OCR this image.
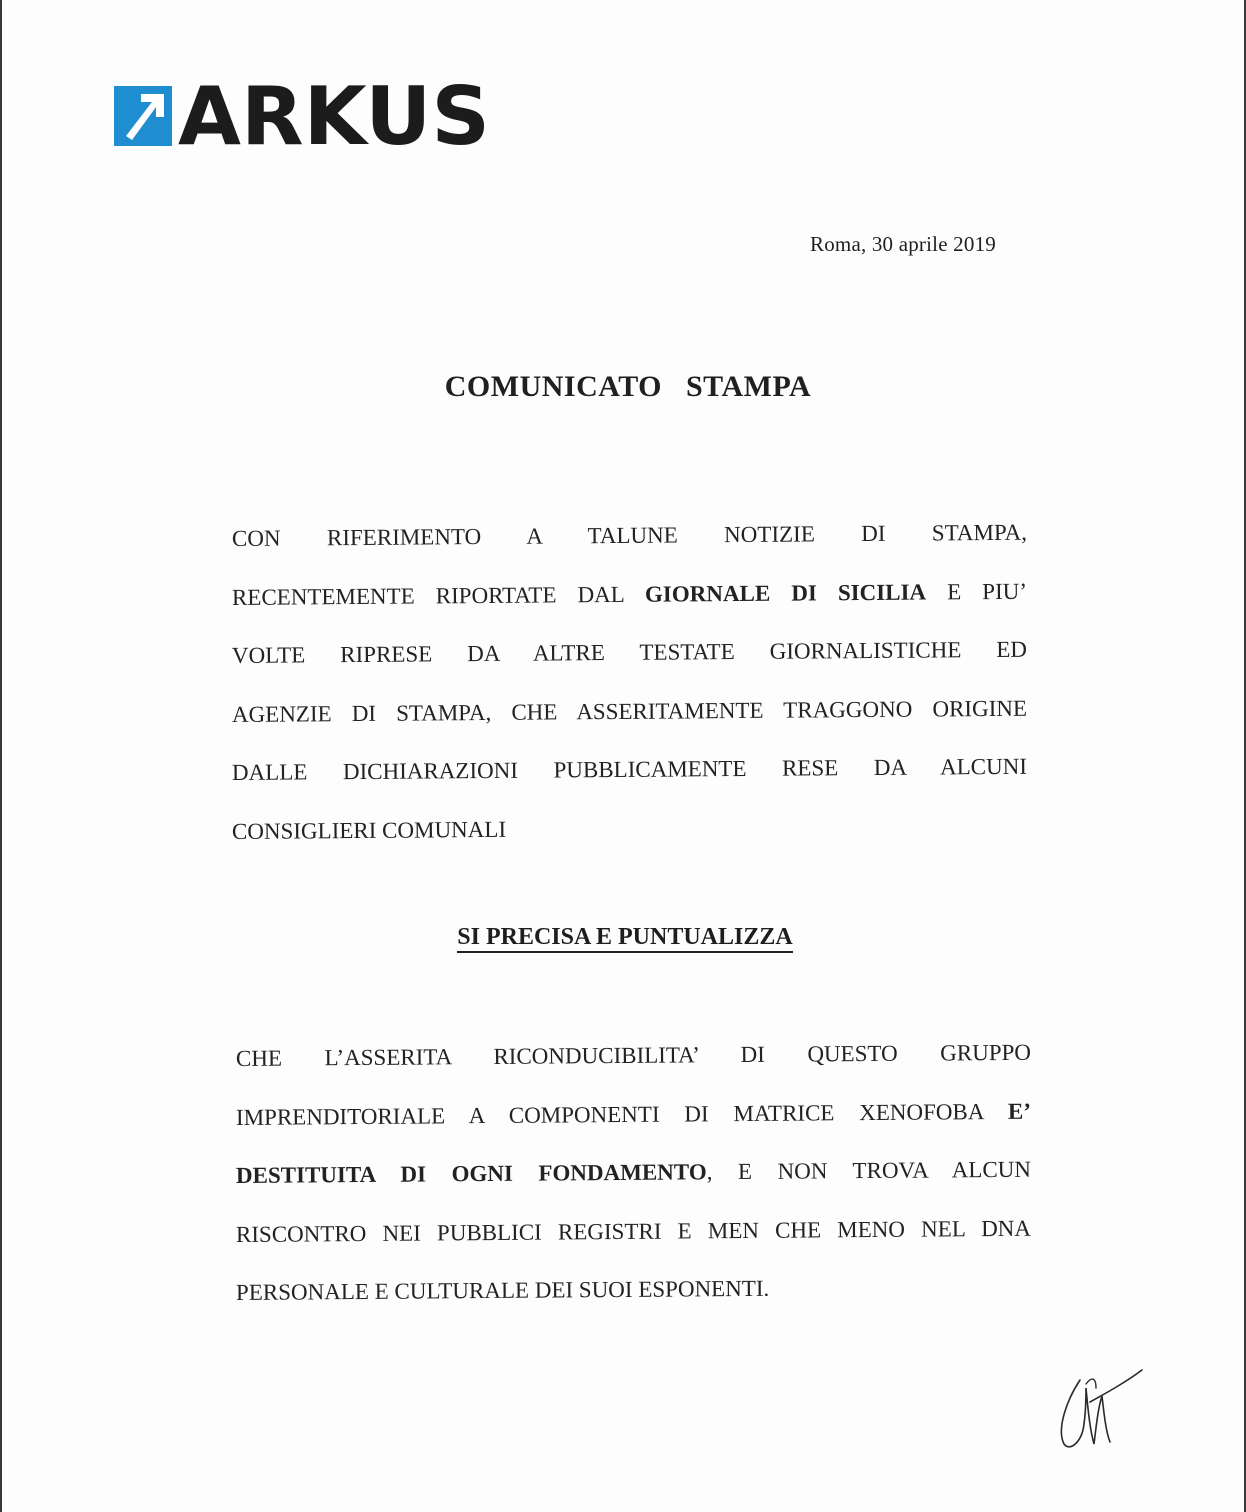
ARKUS
Roma, 30 aprile 2019
COMUNICATO   STAMPA
CON RIFERIMENTO A TALUNE NOTIZIE DI STAMPA,
RECENTEMENTE RIPORTATE DAL GIORNALE DI SICILIA E PIU’
VOLTE RIPRESE DA ALTRE TESTATE GIORNALISTICHE ED
AGENZIE DI STAMPA, CHE ASSERITAMENTE TRAGGONO ORIGINE
DALLE DICHIARAZIONI PUBBLICAMENTE RESE DA ALCUNI
CONSIGLIERI COMUNALI
SI PRECISA E PUNTUALIZZA
CHE L’ASSERITA RICONDUCIBILITA’ DI QUESTO GRUPPO
IMPRENDITORIALE A COMPONENTI DI MATRICE XENOFOBA E’
DESTITUITA DI OGNI FONDAMENTO, E NON TROVA ALCUN
RISCONTRO NEI PUBBLICI REGISTRI E MEN CHE MENO NEL DNA
PERSONALE E CULTURALE DEI SUOI ESPONENTI.
